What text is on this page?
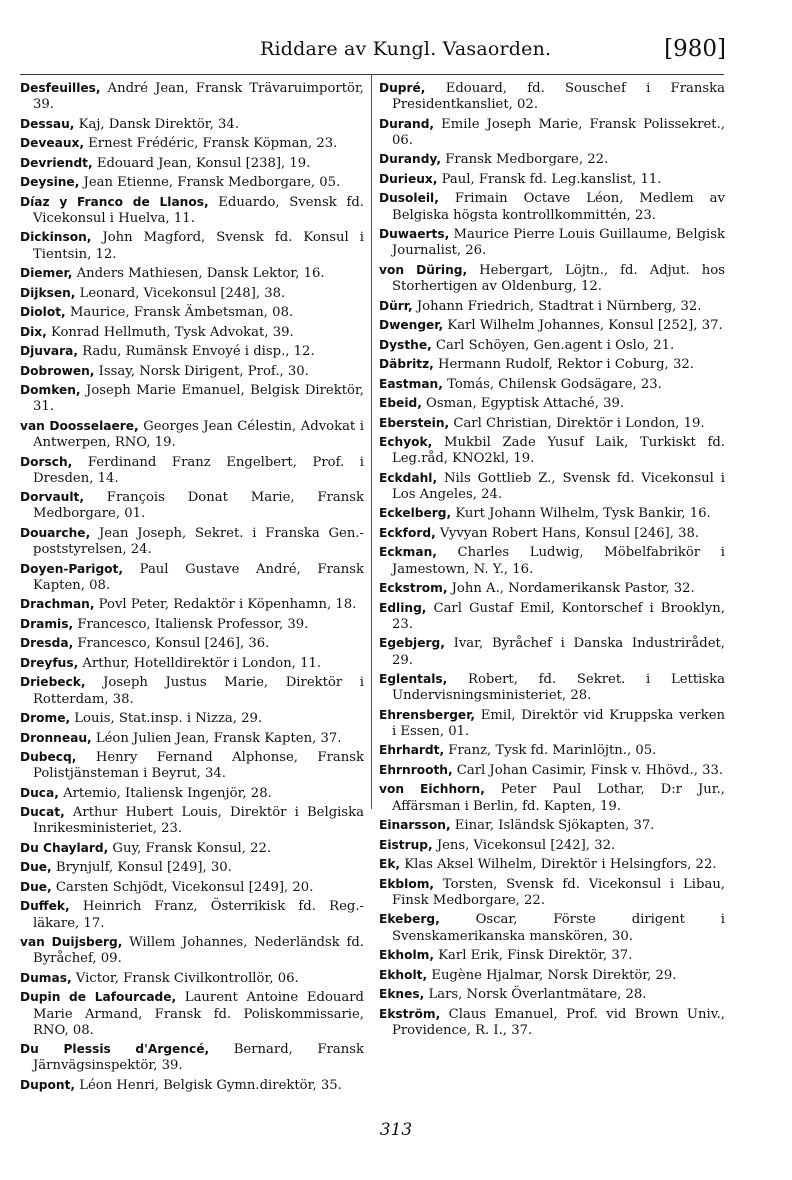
Riddare av Kungl. Vasaorden.	[980]

Desfeuilles, André Jean, Fransk Trävaruimportör, 39.

Dessau, Kaj, Dansk Direktör, 34.

Deveaux, Ernest Frédéric, Fransk Köpman, 23.

Devriendt, Edouard Jean, Konsul [238], 19.

Deysine, Jean Etienne, Fransk Medborgare, 05.

Díaz y Franco de Llanos, Eduardo, Svensk fd. Vicekonsul i Huelva, 11.

Dickinson, John Magford, Svensk fd. Konsul i Tientsin, 12.

Diemer, Anders Mathiesen, Dansk Lektor, 16.

Dijksen, Leonard, Vicekonsul [248], 38.

Diolot, Maurice, Fransk Ämbetsman, 08.

Dix, Konrad Hellmuth, Tysk Advokat, 39.

Djuvara, Radu, Rumänsk Envoyé i disp., 12.

Dobrowen, Issay, Norsk Dirigent, Prof., 30.

Domken, Joseph Marie Emanuel, Belgisk Direktör, 31.

van Doosselaere, Georges Jean Célestin, Advokat i Antwerpen, RNO, 19.

Dorsch, Ferdinand Franz Engelbert, Prof. i Dresden, 14.

Dorvault, François Donat Marie, Fransk Medborgare, 01.

Douarche, Jean Joseph, Sekret. i Franska Gen.-poststyrelsen, 24.

Doyen-Parigot, Paul Gustave André, Fransk Kapten, 08.

Drachman, Povl Peter, Redaktör i Köpenhamn, 18.

Dramis, Francesco, Italiensk Professor, 39.

Dresda, Francesco, Konsul [246], 36.

Dreyfus, Arthur, Hotelldirektör i London, 11.

Driebeck, Joseph Justus Marie, Direktör i Rotterdam, 38.

Drome, Louis, Stat.insp. i Nizza, 29.

Dronneau, Léon Julien Jean, Fransk Kapten, 37.

Dubecq, Henry Fernand Alphonse, Fransk Polistjänsteman i Beyrut, 34.

Duca, Artemio, Italiensk Ingenjör, 28.

Ducat, Arthur Hubert Louis, Direktör i Belgiska Inrikesministeriet, 23.

Du Chaylard, Guy, Fransk Konsul, 22.

Due, Brynjulf, Konsul [249], 30.

Due, Carsten Schjödt, Vicekonsul [249], 20.

Duffek, Heinrich Franz, Österrikisk fd. Reg.-läkare, 17.

van Duijsberg, Willem Johannes, Nederländsk fd. Byråchef, 09.

Dumas, Victor, Fransk Civilkontrollör, 06.

Dupin de Lafourcade, Laurent Antoine Edouard Marie Armand, Fransk fd. Poliskommissarie, RNO, 08.

Du Plessis d'Argencé, Bernard, Fransk Järnvägsinspektör, 39.

Dupont, Léon Henri, Belgisk Gymn.direktör, 35.

Dupré, Edouard, fd. Souschef i Franska Presidentkansliet, 02.

Durand, Emile Joseph Marie, Fransk Polissekret., 06.

Durandy, Fransk Medborgare, 22.

Durieux, Paul, Fransk fd. Leg.kanslist, 11.

Dusoleil, Frimain Octave Léon, Medlem av Belgiska högsta kontrollkommittén, 23.

Duwaerts, Maurice Pierre Louis Guillaume, Belgisk Journalist, 26.

von Düring, Hebergart, Löjtn., fd. Adjut. hos Storhertigen av Oldenburg, 12.

Dürr, Johann Friedrich, Stadtrat i Nürnberg, 32.

Dwenger, Karl Wilhelm Johannes, Konsul [252], 37.

Dysthe, Carl Schöyen, Gen.agent i Oslo, 21.

Däbritz, Hermann Rudolf, Rektor i Coburg, 32.

Eastman, Tomás, Chilensk Godsägare, 23.

Ebeid, Osman, Egyptisk Attaché, 39.

Eberstein, Carl Christian, Direktör i London, 19.

Echyok, Mukbil Zade Yusuf Laik, Turkiskt fd. Leg.råd, KNO2kl, 19.

Eckdahl, Nils Gottlieb Z., Svensk fd. Vicekonsul i Los Angeles, 24.

Eckelberg, Kurt Johann Wilhelm, Tysk Bankir, 16.

Eckford, Vyvyan Robert Hans, Konsul [246], 38.

Eckman, Charles Ludwig, Möbelfabrikör i Jamestown, N. Y., 16.

Eckstrom, John A., Nordamerikansk Pastor, 32.

Edling, Carl Gustaf Emil, Kontorschef i Brooklyn, 23.

Egebjerg, Ivar, Byråchef i Danska Industrirådet, 29.

Eglentals, Robert, fd. Sekret. i Lettiska Undervisningsministeriet, 28.

Ehrensberger, Emil, Direktör vid Kruppska verken i Essen, 01.

Ehrhardt, Franz, Tysk fd. Marinlöjtn., 05.

Ehrnrooth, Carl Johan Casimir, Finsk v. Hhövd., 33.

von Eichhorn, Peter Paul Lothar, D:r Jur., Affärsman i Berlin, fd. Kapten, 19.

Einarsson, Einar, Isländsk Sjökapten, 37.

Eistrup, Jens, Vicekonsul [242], 32.

Ek, Klas Aksel Wilhelm, Direktör i Helsingfors, 22.

Ekblom, Torsten, Svensk fd. Vicekonsul i Libau, Finsk Medborgare, 22.

Ekeberg, Oscar, Förste dirigent i Svenskamerikanska manskören, 30.

Ekholm, Karl Erik, Finsk Direktör, 37.

Ekholt, Eugène Hjalmar, Norsk Direktör, 29.

Eknes, Lars, Norsk Överlantmätare, 28.

Ekström, Claus Emanuel, Prof. vid Brown Univ., Providence, R. I., 37.

313
